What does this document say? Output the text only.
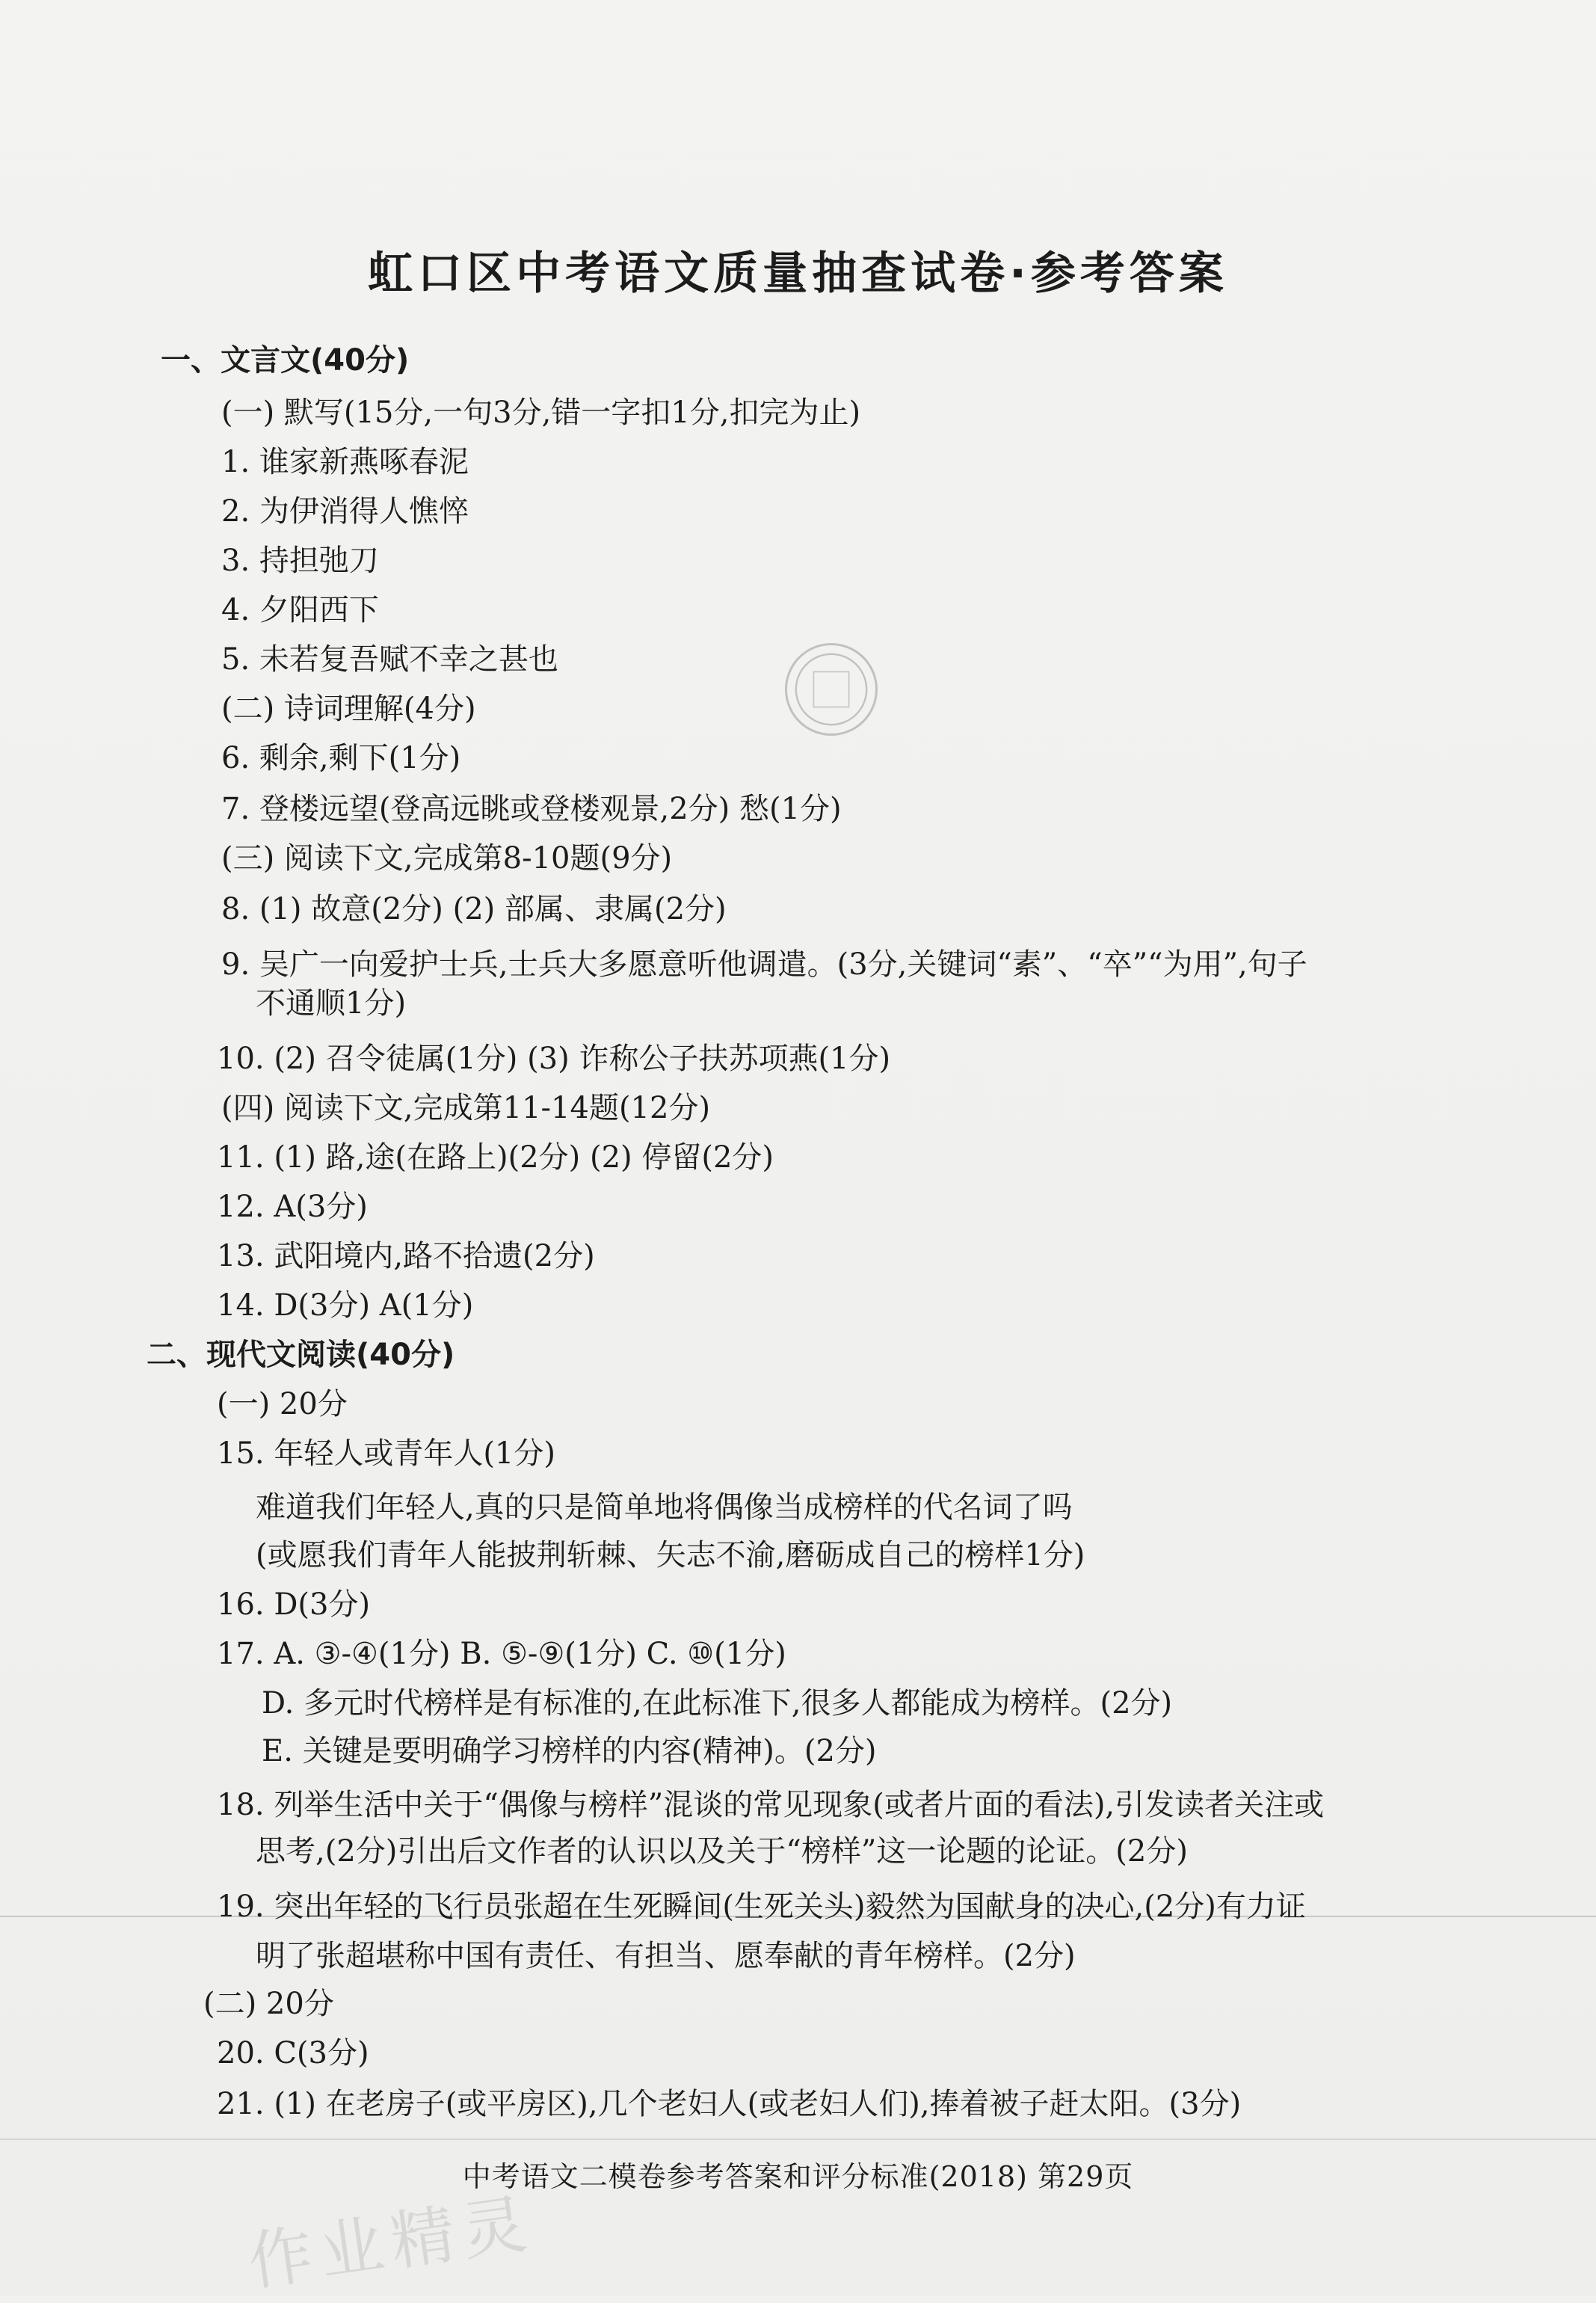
虹口区中考语文质量抽查试卷·参考答案
一、文言文(40分)
(一) 默写(15分,一句3分,错一字扣1分,扣完为止)
1. 谁家新燕啄春泥
2. 为伊消得人憔悴
3. 持担弛刀
4. 夕阳西下
5. 未若复吾赋不幸之甚也
(二) 诗词理解(4分)
6. 剩余,剩下(1分)
7. 登楼远望(登高远眺或登楼观景,2分) 愁(1分)
(三) 阅读下文,完成第8-10题(9分)
8. (1) 故意(2分) (2) 部属、隶属(2分)
9. 吴广一向爱护士兵,士兵大多愿意听他调遣。(3分,关键词“素”、“卒”“为用”,句子
不通顺1分)
10. (2) 召令徒属(1分) (3) 诈称公子扶苏项燕(1分)
(四) 阅读下文,完成第11-14题(12分)
11. (1) 路,途(在路上)(2分) (2) 停留(2分)
12. A(3分)
13. 武阳境内,路不拾遗(2分)
14. D(3分) A(1分)
二、现代文阅读(40分)
(一) 20分
15. 年轻人或青年人(1分)
难道我们年轻人,真的只是简单地将偶像当成榜样的代名词了吗
(或愿我们青年人能披荆斩棘、矢志不渝,磨砺成自己的榜样1分)
16. D(3分)
17. A. ③-④(1分) B. ⑤-⑨(1分) C. ⑩(1分)
D. 多元时代榜样是有标准的,在此标准下,很多人都能成为榜样。(2分)
E. 关键是要明确学习榜样的内容(精神)。(2分)
18. 列举生活中关于“偶像与榜样”混谈的常见现象(或者片面的看法),引发读者关注或
思考,(2分)引出后文作者的认识以及关于“榜样”这一论题的论证。(2分)
19. 突出年轻的飞行员张超在生死瞬间(生死关头)毅然为国献身的决心,(2分)有力证
明了张超堪称中国有责任、有担当、愿奉献的青年榜样。(2分)
(二) 20分
20. C(3分)
21. (1) 在老房子(或平房区),几个老妇人(或老妇人们),捧着被子赶太阳。(3分)
中考语文二模卷参考答案和评分标准(2018) 第29页
作业精灵
